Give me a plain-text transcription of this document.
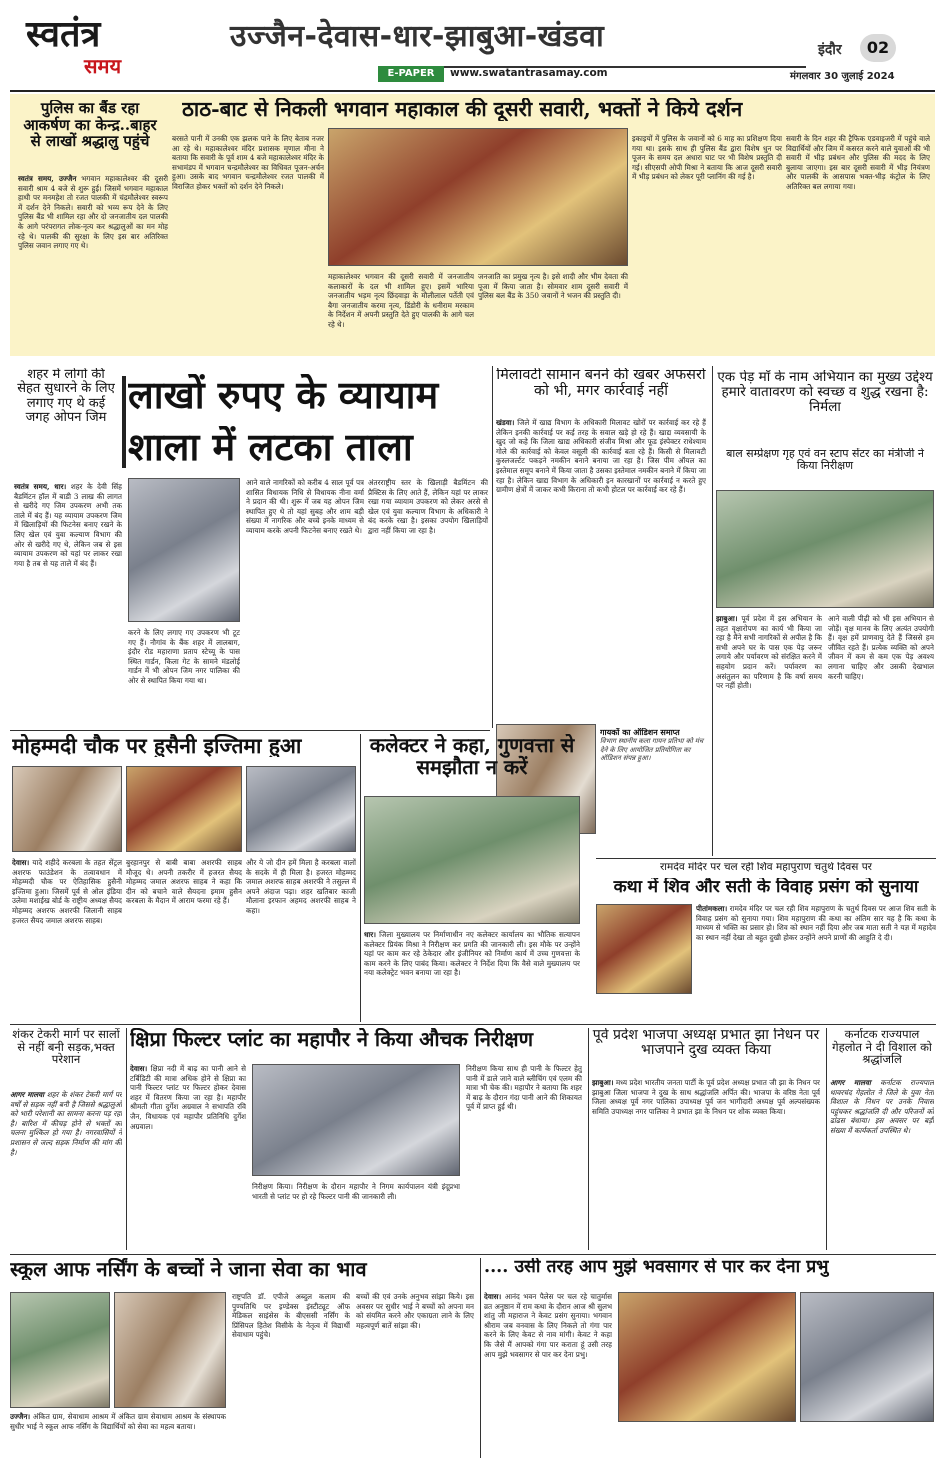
स्वतंत्र
समय
उज्जैन-देवास-धार-झाबुआ-खंडवा
E-PAPER	www.swatantrasamay.com
इंदौर	02
मंगलवार 30 जुलाई 2024
पुलिस का बैंड रहा आकर्षण का केन्द्र..बाहर से लाखों श्रद्धालु पहुंचे
ठाठ-बाट से निकली भगवान महाकाल की दूसरी सवारी, भक्तों ने किये दर्शन
स्वतंत्र समय, उज्जैन भगवान महाकालेश्वर की दूसरी सवारी श्राम 4 बजे से शुरू हुई। जिसमें भगवान महाकाल हाथी पर मनमहेश तो रजत पालकी में चंद्रमौलेश्वर स्वरूप में दर्शन देने निकले। सवारी को भव्य रूप देने के लिए पुलिस बैंड भी शामिल रहा और दो जनजातीय दल पालकी के आगे परंपरागत लोक-नृत्य कर श्रद्धालुओं का मन मोह रहे थे। पालकी की सुरक्षा के लिए इस बार अतिरिक्त पुलिस जवान लगाए गए थे।
बरसते पानी में उनकी एक झलक पाने के लिए बेताब नजर आ रहे थे। महाकालेश्वर मंदिर प्रशासक मृणाल मीना ने बताया कि सवारी के पूर्व शाम 4 बजे महाकालेश्वर मंदिर के सभामंडप में भगवान चन्द्रमौलेश्वर का विधिवत पूजन-अर्चन हुआ। उसके बाद भगवान चन्द्रमौलेश्वर रजत पालकी में विराजित होकर भक्तों को दर्शन देने निकले।
महाकालेश्वर भगवान की दूसरी सवारी में जनजातीय कलाकारों के दल भी शामिल हुए। इसमें भारिया जनजातीय भड़म नृत्य छिंदवाड़ा के मौलीलाल पर्तेती एवं बैगा जनजातीय करमा नृत्य, डिंडोरी के धनीराम मरकाम के निर्देशन में अपनी प्रस्तुति देते हुए पालकी के आगे चल रहे थे।
जनजाति का प्रमुख नृत्य है। इसे शादी और भीम देवता की पूजा में किया जाता है। सोमवार शाम दूसरी सवारी में पुलिस बल बैंड के 350 जवानों ने भजन की प्रस्तुति दी।
इकाइयों में पुलिस के जवानों को 6 माह का प्रशिक्षण दिया गया था। इसके साथ ही पुलिस बैंड द्वारा विशेष धुन पर पूजन के समय दल अधारा घाट पर भी विशेष प्रस्तुति दी गई। सीएसपी ओपी मिश्रा ने बताया कि आज दूसरी सवारी में भीड़ प्रबंधन को लेकर पूरी प्लानिंग की गई है।
सवारी के दिन शहर की ट्रैफिक एडवाइजरी में पहुंचे वाले विद्यार्थियों और जिम में कसरत करने वाले युवाओं की भी सवारी में भीड़ प्रबंधन और पुलिस की मदद के लिए बुलाया जाएगा। इस बार दूसरी सवारी में भीड़ नियंत्रण और पालकी के आसपास भक्त-भीड़ कंट्रोल के लिए अतिरिक्त बल लगाया गया।
शहर में लोगों की सेहत सुधारने के लिए लगाए गए थे कई जगह ओपन जिम
लाखों रुपए के व्यायाम
शाला में लटका ताला
स्वतंत्र समय, धार। शहर के देवी सिंह बैडमिंटन हॉल में बाडी 3 लाख की लागत से खरीदे गए जिम उपकरण अभी तक ताले में बंद हैं। यह व्यायाम उपकरण जिम में खिलाड़ियों की फिटनेस बनाए रखने के लिए खेल एवं युवा कल्याण विभाग की ओर से खरीदे गए थे, लेकिन जब से इस व्यायाम उपकरण को यहां पर लाकर रखा गया है तब से यह ताले में बंद हैं।
करने के लिए लगाए गए उपकरण भी टूट गए हैं। नौगांव के बैंक शहर में लालबाग, इंदौर रोड महाराणा प्रताप स्टेच्यू के पास स्थित गार्डन, किला गेट के सामने मंडलोई गार्डन में भी ओपन जिम नगर पालिका की ओर से स्थापित किया गया था।
आने वाले नागरिकों को करीब 4 साल पूर्व पत्र शासित विधायक निधि से विधायक नीना वर्मा ने प्रदान की थी। शुरू में जब यह ओपन जिम स्थापित हुए थे तो यहां सुबह और शाम बड़ी संख्या में नागरिक और बच्चे इनके माध्यम से व्यायाम करके अपनी फिटनेस बनाए रखते थे।
अंतरराष्ट्रीय स्तर के खिलाड़ी बैडमिंटन की प्रैक्टिस के लिए आते हैं, लेकिन यहां पर लाकर रखा गया व्यायाम उपकरण को लेकर अरसे से खेल एवं युवा कल्याण विभाग के अधिकारी ने बंद करके रखा है। इसका उपयोग खिलाड़ियों द्वारा नहीं किया जा रहा है।
मिलावटी सामान बनने की खबर अफसरों को भी, मगर कार्रवाई नहीं
खंडवा। जिले में खाद्य विभाग के अधिकारी मिलावट खोरों पर कार्रवाई कर रहे हैं लेकिन इनकी कार्रवाई पर कई तरह के सवाल खड़े हो रहे हैं। खाद्य व्यवसायी के खुद जो कहे कि जिला खाद्य अधिकारी संजीव मिश्रा और फूड इंस्पेक्टर राधेश्याम गोले की कार्रवाई को केवल वसूली की कार्रवाई बता रहे हैं। किसी से मिलावटी कुस्लजर्ल्टट पकड़ने नमकीन बनाने बनाया जा रहा है। जिस पीम ऑयल का इस्तेमाल समूप बनाने में किया जाता है उसका इस्तेमाल नमकीन बनाने में किया जा रहा है। लेकिन खाद्य विभाग के अधिकारी इन कारखानों पर कार्रवाई न करते हुए ग्रामीण क्षेत्रों में जाकर कभी किराना तो कभी होटल पर कार्रवाई कर रहे हैं।
गायकों का ऑडिशन समाप्त
विभाग स्थानीय कला गायन प्रतिभा को मंच देने के लिए आयोजित प्रतियोगिता का ऑडिशन संपन्न हुआ।
एक पेड़ माँ के नाम अभियान का मुख्य उद्देश्य हमारे वातावरण को स्वच्छ व शुद्ध रखना है: निर्मला
बाल सम्प्रेक्षण गृह एवं वन स्टाप सेंटर का मंत्रीजी ने किया निरीक्षण
झाबुआ। पूर्व प्रदेश में इस अभियान के तहत वृक्षारोपण का कार्य भी किया जा रहा है मैंने सभी नागरिकों से अपील है कि सभी अपने घर के पास एक पेड़ जरूर लगाये और पर्यावरण को संरक्षित करने में सहयोग प्रदान करें। पर्यावरण का असंतुलन का परिणाम है कि वर्षा समय पर नहीं होती।
आने वाली पीढ़ी को भी इस अभियान से जोड़ें। वृक्ष मानव के लिए अत्यंत उपयोगी हैं। वृक्ष हमें प्राणवायु देते हैं जिससे हम जीवित रहते हैं। प्रत्येक व्यक्ति को अपने जीवन में कम से कम एक पेड़ अवश्य लगाना चाहिए और उसकी देखभाल करनी चाहिए।
मोहम्मदी चौक पर हुसैनी इज्तिमा हुआ
देवास। यादे शहीदे करबला के तहत सेंट्रल अशरफ फाउंडेशन के तत्वावधान में मोहम्मदी चौक पर ऐतिहासिक हुसैनी इज्तिमा हुआ। जिसमें पूर्व से ओल इंडिया उलेमा मशाईख बोर्ड के राष्ट्रीय अध्यक्ष सैयद मोहम्मद अशरफ अशरफी जिलानी साहब हजरत सैयद जमाल अशरफ साहब।
बुरहानपुर से बाबी बाबा अशरफी साहब मौजूद थे। अपनी तकरीर में हजरत सैयद मोहम्मद जमाल अशरफ साहब ने कहा कि दीन को बचाने वाले सैयदना इमाम हुसैन करबला के मैदान में आराम फरमा रहे हैं।
और ये जो दीन हमें मिला है करबला वालों के सदके में ही मिला है। हजरत मोहम्मद जमाल अशरफ साहब अशरफी ने तसुल्ल में अपने अंदाज पढ़ा। शहर खतिबार काजी मौलाना इरफान अहमद अशरफी साहब ने कहा।
कलेक्टर ने कहा, गुणवत्ता से समझौता न करें
धार। जिला मुख्यालय पर निर्माणाधीन नए कलेक्टर कार्यालय का भौतिक सत्यापन कलेक्टर प्रियंक मिश्रा ने निरीक्षण कर प्रगति की जानकारी ली। इस मौके पर उन्होंने यहां पर काम कर रहे ठेकेदार और इंजीनियर को निर्माण कार्य में उच्च गुणवत्ता के काम करने के लिए पाबंद किया। कलेक्टर ने निर्देश दिया कि वैसे वाले मुख्यालय पर नया कलेक्ट्रेट भवन बनाया जा रहा है।
रामदेव मंदिर पर चल रही शिव महापुराण चतुर्थ दिवस पर
कथा में शिव और सती के विवाह प्रसंग को सुनाया
पीतांमकला। रामदेव मंदिर पर चल रही शिव महापुराण के चतुर्थ दिवस पर आज शिव सती के विवाह प्रसंग को सुनाया गया। शिव महापुराण की कथा का अंतिम सार यह है कि कथा के माध्यम से भक्ति का प्रसार हो। शिव को स्थान नहीं दिया और जब माता सती ने यज्ञ में महादेव का स्थान नहीं देखा तो बहुत दुखी होकर उन्होंने अपने प्राणों की आहुति दे दी।
शंकर टेकरी मार्ग पर सालों से नहीं बनी सड़क,भक्त परेशान
आगर मालवा शहर के शंकर टेकरी मार्ग पर वर्षों से सड़क नहीं बनी है जिससे श्रद्धालुओं को भारी परेशानी का सामना करना पड़ रहा है। बारिश में कीचड़ होने से भक्तों का चलना मुश्किल हो गया है। नगरवासियों ने प्रशासन से जल्द सड़क निर्माण की मांग की है।
क्षिप्रा फिल्टर प्लांट का महापौर ने किया औचक निरीक्षण
देवास। क्षिप्रा नदी में बाढ़ का पानी आने से टर्बिडिटी की मात्रा अधिक होने से क्षिप्रा का पानी फिल्टर प्लांट पर फिल्टर होकर देवास शहर में वितरण किया जा रहा है। महापौर श्रीमती गीता दुर्गेश अग्रवाल ने सभापति रवि जैन, विधायक एवं महापौर प्रतिनिधि दुर्गेश अग्रवाल।
निरीक्षण किया। निरीक्षण के दौरान महापौर ने निगम कार्यपालन यंत्री इंदूप्रभा भारती से प्लांट पर हो रहे फिल्टर पानी की जानकारी ली।
निरीक्षण किया साथ ही पानी के फिल्टर हेतु पानी में डाले जाने वाले ब्लीचिंग एवं एलम की मात्रा भी चेक की। महापौर ने बताया कि शहर में बाढ़ के दौरान गंदा पानी आने की शिकायत पूर्व में प्राप्त हुई थी।
पूर्व प्रदेश भाजपा अध्यक्ष प्रभात झा निधन पर भाजपाने दुख व्यक्त किया
झाबुआ। मध्य प्रदेश भारतीय जनता पार्टी के पूर्व प्रदेश अध्यक्ष प्रभात जी झा के निधन पर झाबुआ जिला भाजपा ने दुख के साथ श्रद्धांजलि अर्पित की। भाजपा के वरिष्ठ नेता पूर्व जिला अध्यक्ष पूर्व नगर पालिका उपाध्यक्ष पूर्व जन भागीदारी अध्यक्ष पूर्व अल्पसंख्यक समिति उपाध्यक्ष नगर पालिका ने प्रभात झा के निधन पर शोक व्यक्त किया।
कर्नाटक राज्यपाल गेहलोत ने दी विशाल को श्रद्धांजलि
आगर मालवा कर्नाटक राज्यपाल थावरचंद गेहलोत ने जिले के युवा नेता विशाल के निधन पर उनके निवास पहुंचकर श्रद्धांजलि दी और परिजनों को ढांढस बंधाया। इस अवसर पर बड़ी संख्या में कार्यकर्ता उपस्थित थे।
स्कूल आफ नर्सिंग के बच्चों ने जाना सेवा का भाव
उज्जैन। अंकित ग्राम, सेवाधाम आश्रम में अंकित ग्राम सेवाधाम आश्रम के संस्थापक सुधीर भाई ने स्कूल आफ नर्सिंग के विद्यार्थियों को सेवा का महत्व बताया।
राष्ट्रपति डॉ. एपीजे अब्दुल कलाम की पुण्यतिथि पर इण्डेक्स इंस्टीट्यूट ऑफ मेडिकल साइंसेस के बीएससी नर्सिंग के प्रिंसिपल हितेश विसीके के नेतृत्व में विद्यार्थी सेवाधाम पहुंचे।
बच्चों की एवं उनके अनुभव सांझा किये। इस अवसर पर सुधीर भाई ने बच्चों को अपना मन को संयमित करने और एकाग्रता लाने के लिए महत्वपूर्ण बातें सांझा की।
.... उसी तरह आप मुझे भवसागर से पार कर देना प्रभु
देवास। आनंद भवन पैलेस पर चल रहे चातुर्मास व्रत अनुष्ठान में राम कथा के दौरान आज श्री सुलभ शांतु जी महाराज ने केवट प्रसंग सुनाया। भगवान श्रीराम जब वनवास के लिए निकले तो गंगा पार करने के लिए केवट से नाव मांगी। केवट ने कहा कि जैसे मैं आपको गंगा पार कराता हूं उसी तरह आप मुझे भवसागर से पार कर देना प्रभु।
